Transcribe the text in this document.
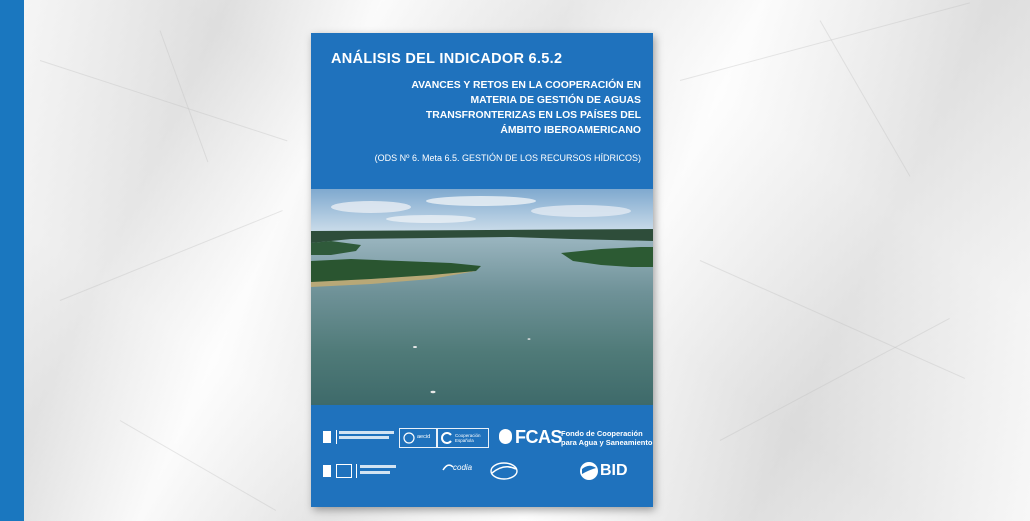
ANÁLISIS DEL INDICADOR 6.5.2
AVANCES Y RETOS EN LA COOPERACIÓN EN
MATERIA DE GESTIÓN DE AGUAS
TRANSFRONTERIZAS EN LOS PAÍSES DEL
ÁMBITO IBEROAMERICANO
(ODS Nº 6. Meta 6.5. GESTIÓN DE LOS RECURSOS HÍDRICOS)
aecid	Cooperación Española	FCAS Fondo de Cooperación
para Agua y Saneamiento
codia	BID
